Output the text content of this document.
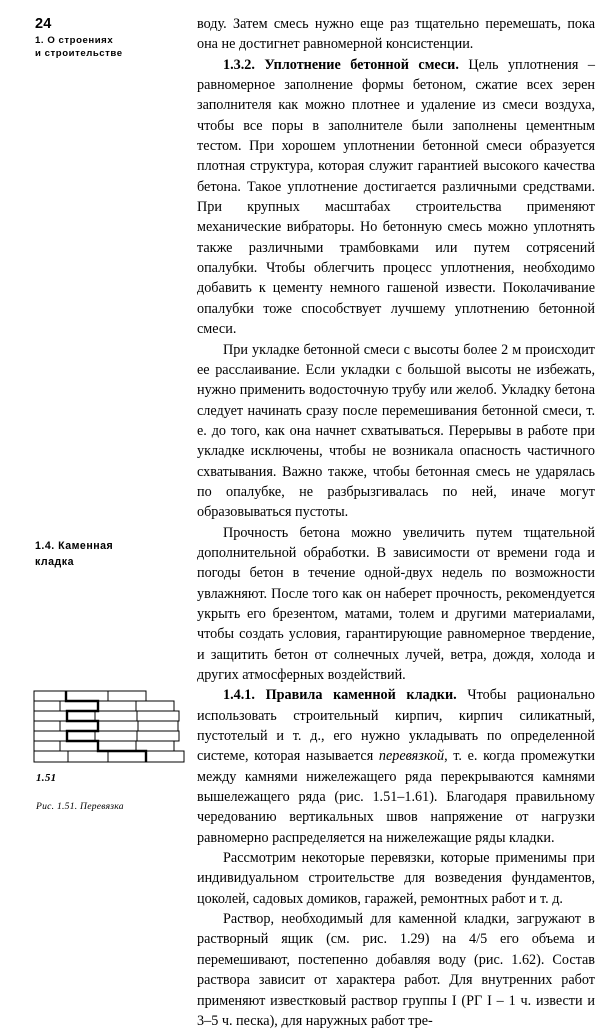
24
1. О строениях
и строительстве
1.4. Каменная
кладка
1.51
Рис. 1.51. Перевязка

воду. Затем смесь нужно еще раз тщательно перемешать, пока она не достигнет равномерной консистенции.

1.3.2. Уплотнение бетонной смеси. Цель уплотнения – равномерное заполнение формы бетоном, сжатие всех зерен заполнителя как можно плотнее и удаление из смеси воздуха, чтобы все поры в заполнителе были заполнены цементным тестом. При хорошем уплотнении бетонной смеси образуется плотная структура, которая служит гарантией высокого качества бетона. Такое уплотнение достигается различными средствами. При крупных масштабах строительства применяют механические вибраторы. Но бетонную смесь можно уплотнять также различными трамбовками или путем сотрясений опалубки. Чтобы облегчить процесс уплотнения, необходимо добавить к цементу немного гашеной извести. Поколачивание опалубки тоже способствует лучшему уплотнению бетонной смеси.

При укладке бетонной смеси с высоты более 2 м происходит ее расслаивание. Если укладки с большой высоты не избежать, нужно применить водосточную трубу или желоб. Укладку бетона следует начинать сразу после перемешивания бетонной смеси, т. е. до того, как она начнет схватываться. Перерывы в работе при укладке исключены, чтобы не возникала опасность частичного схватывания. Важно также, чтобы бетонная смесь не ударялась по опалубке, не разбрызгивалась по ней, иначе могут образовываться пустоты.

Прочность бетона можно увеличить путем тщательной дополнительной обработки. В зависимости от времени года и погоды бетон в течение одной-двух недель по возможности увлажняют. После того как он наберет прочность, рекомендуется укрыть его брезентом, матами, толем и другими материалами, чтобы создать условия, гарантирующие равномерное твердение, и защитить бетон от солнечных лучей, ветра, дождя, холода и других атмосферных воздействий.

1.4.1. Правила каменной кладки. Чтобы рационально использовать строительный кирпич, кирпич силикатный, пустотелый и т. д., его нужно укладывать по определенной системе, которая называется перевязкой, т. е. когда промежутки между камнями нижележащего ряда перекрываются камнями вышележащего ряда (рис. 1.51–1.61). Благодаря правильному чередованию вертикальных швов напряжение от нагрузки равномерно распределяется на нижележащие ряды кладки.

Рассмотрим некоторые перевязки, которые применимы при индивидуальном строительстве для возведения фундаментов, цоколей, садовых домиков, гаражей, ремонтных работ и т. д.

Раствор, необходимый для каменной кладки, загружают в растворный ящик (см. рис. 1.29) на 4/5 его объема и перемешивают, постепенно добавляя воду (рис. 1.62). Состав раствора зависит от характера работ. Для внутренних работ применяют известковый раствор группы I (РГ I – 1 ч. извести и 3–5 ч. песка), для наружных работ тре-
